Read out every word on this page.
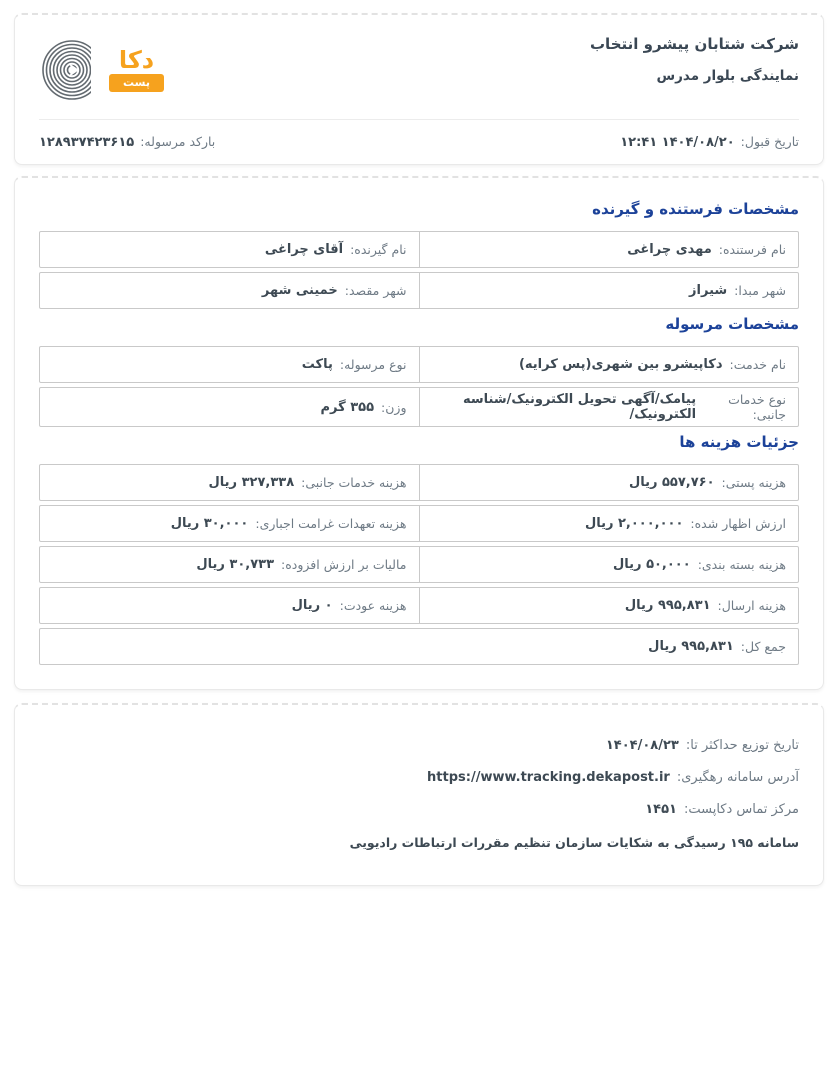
شرکت شتابان پیشرو انتخاب
نمایندگی بلوار مدرس
دکا
پست
تاریخ قبول:
۱۴۰۴/۰۸/۲۰ ۱۲:۴۱
بارکد مرسوله:
۱۲۸۹۳۷۴۲۳۶۱۵
مشخصات فرستنده و گیرنده
نام فرستنده:
مهدی چراغی
نام گیرنده:
آقای چراغی
شهر مبدا:
شیراز
شهر مقصد:
خمینی شهر
مشخصات مرسوله
نام خدمت:
دکاپیشرو بین شهری(پس کرایه)
نوع مرسوله:
پاکت
نوع خدمات جانبی:
پیامک/آگهی تحویل الکترونیک/شناسه الکترونیک/
وزن:
۳۵۵ گرم
جزئیات هزینه ها
هزینه پستی:
۵۵۷,۷۶۰ ریال
هزینه خدمات جانبی:
۳۲۷,۳۳۸ ریال
ارزش اظهار شده:
۲,۰۰۰,۰۰۰ ریال
هزینه تعهدات غرامت اجباری:
۳۰,۰۰۰ ریال
هزینه بسته بندی:
۵۰,۰۰۰ ریال
مالیات بر ارزش افزوده:
۳۰,۷۳۳ ریال
هزینه ارسال:
۹۹۵,۸۳۱ ریال
هزینه عودت:
۰ ریال
جمع کل:
۹۹۵,۸۳۱ ریال
تاریخ توزیع حداکثر تا:
۱۴۰۴/۰۸/۲۳
آدرس سامانه رهگیری:
https://www.tracking.dekapost.ir
مرکز تماس دکاپست:
۱۴۵۱
سامانه ۱۹۵ رسیدگی به شکایات سازمان تنظیم مقررات ارتباطات رادیویی
